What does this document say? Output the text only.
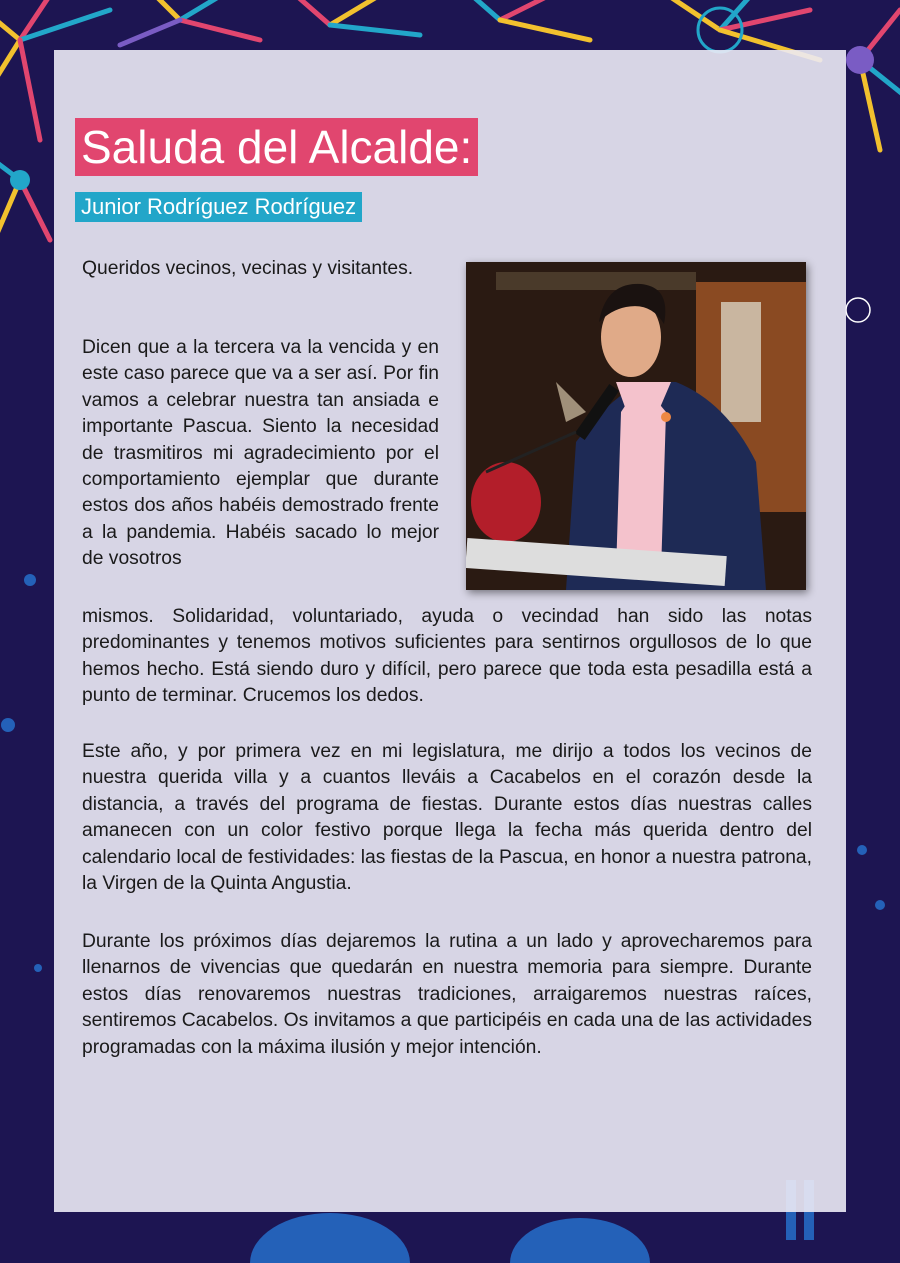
Saluda del Alcalde:
Junior Rodríguez Rodríguez

Queridos vecinos, vecinas y visitantes.

Dicen que a la tercera va la vencida y en este caso parece que va a ser así. Por fin vamos a celebrar nuestra tan ansiada e importante Pascua. Siento la necesidad de trasmitiros mi agradecimiento por el comportamiento ejemplar que durante estos dos años habéis demostrado frente a la pandemia. Habéis sacado lo mejor de vosotros

mismos. Solidaridad, voluntariado, ayuda o vecindad han sido las notas predominantes y tenemos motivos suficientes para sentirnos orgullosos de lo que hemos hecho. Está siendo duro y difícil, pero parece que toda esta pesadilla está a punto de terminar. Crucemos los dedos.

Este año, y por primera vez en mi legislatura, me dirijo a todos los vecinos de nuestra querida villa y a cuantos lleváis a Cacabelos en el corazón desde la distancia, a través del programa de fiestas. Durante estos días nuestras calles amanecen con un color festivo porque llega la fecha más querida dentro del calendario local de festividades: las fiestas de la Pascua, en honor a nuestra patrona, la Virgen de la Quinta Angustia.

Durante los próximos días dejaremos la rutina a un lado y aprovecharemos para llenarnos de vivencias que quedarán en nuestra memoria para siempre. Durante estos días renovaremos nuestras tradiciones, arraigaremos nuestras raíces, sentiremos Cacabelos. Os invitamos a que participéis en cada una de las actividades programadas con la máxima ilusión y mejor intención.
